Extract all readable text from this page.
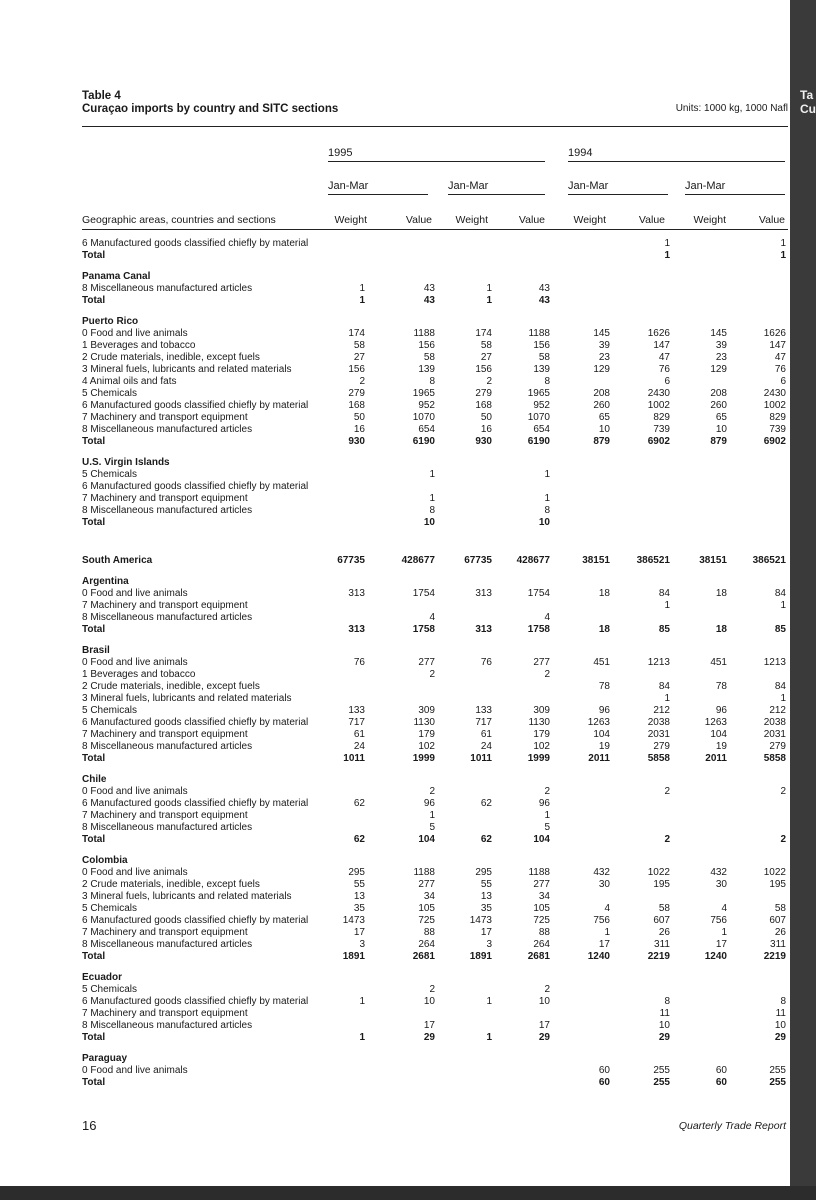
Ta
Cu
Table 4
Curaçao imports by country and SITC sections	Units: 1000 kg, 1000 Nafl
1995	1994
Jan-Mar	Jan-Mar	Jan-Mar	Jan-Mar
Geographic areas, countries and sections	Weight	Value	Weight	Value	Weight	Value	Weight	Value
6 Manufactured goods classified chiefly by material						1		1
Total						1		1

Panama Canal								
8 Miscellaneous manufactured articles	1	43	1	43				
Total	1	43	1	43				

Puerto Rico								
0 Food and live animals	174	1188	174	1188	145	1626	145	1626
1 Beverages and tobacco	58	156	58	156	39	147	39	147
2 Crude materials, inedible, except fuels	27	58	27	58	23	47	23	47
3 Mineral fuels, lubricants and related materials	156	139	156	139	129	76	129	76
4 Animal oils and fats	2	8	2	8		6		6
5 Chemicals	279	1965	279	1965	208	2430	208	2430
6 Manufactured goods classified chiefly by material	168	952	168	952	260	1002	260	1002
7 Machinery and transport equipment	50	1070	50	1070	65	829	65	829
8 Miscellaneous manufactured articles	16	654	16	654	10	739	10	739
Total	930	6190	930	6190	879	6902	879	6902

U.S. Virgin Islands								
5 Chemicals		1		1				
6 Manufactured goods classified chiefly by material								
7 Machinery and transport equipment		1		1				
8 Miscellaneous manufactured articles		8		8				
Total		10		10				

South America	67735	428677	67735	428677	38151	386521	38151	386521

Argentina								
0 Food and live animals	313	1754	313	1754	18	84	18	84
7 Machinery and transport equipment						1		1
8 Miscellaneous manufactured articles		4		4				
Total	313	1758	313	1758	18	85	18	85

Brasil								
0 Food and live animals	76	277	76	277	451	1213	451	1213
1 Beverages and tobacco		2		2				
2 Crude materials, inedible, except fuels					78	84	78	84
3 Mineral fuels, lubricants and related materials						1		1
5 Chemicals	133	309	133	309	96	212	96	212
6 Manufactured goods classified chiefly by material	717	1130	717	1130	1263	2038	1263	2038
7 Machinery and transport equipment	61	179	61	179	104	2031	104	2031
8 Miscellaneous manufactured articles	24	102	24	102	19	279	19	279
Total	1011	1999	1011	1999	2011	5858	2011	5858

Chile								
0 Food and live animals		2		2		2		2
6 Manufactured goods classified chiefly by material	62	96	62	96				
7 Machinery and transport equipment		1		1				
8 Miscellaneous manufactured articles		5		5				
Total	62	104	62	104		2		2

Colombia								
0 Food and live animals	295	1188	295	1188	432	1022	432	1022
2 Crude materials, inedible, except fuels	55	277	55	277	30	195	30	195
3 Mineral fuels, lubricants and related materials	13	34	13	34				
5 Chemicals	35	105	35	105	4	58	4	58
6 Manufactured goods classified chiefly by material	1473	725	1473	725	756	607	756	607
7 Machinery and transport equipment	17	88	17	88	1	26	1	26
8 Miscellaneous manufactured articles	3	264	3	264	17	311	17	311
Total	1891	2681	1891	2681	1240	2219	1240	2219

Ecuador								
5 Chemicals		2		2				
6 Manufactured goods classified chiefly by material	1	10	1	10		8		8
7 Machinery and transport equipment						11		11
8 Miscellaneous manufactured articles		17		17		10		10
Total	1	29	1	29		29		29

Paraguay								
0 Food and live animals					60	255	60	255
Total					60	255	60	255
16	Quarterly Trade Report
